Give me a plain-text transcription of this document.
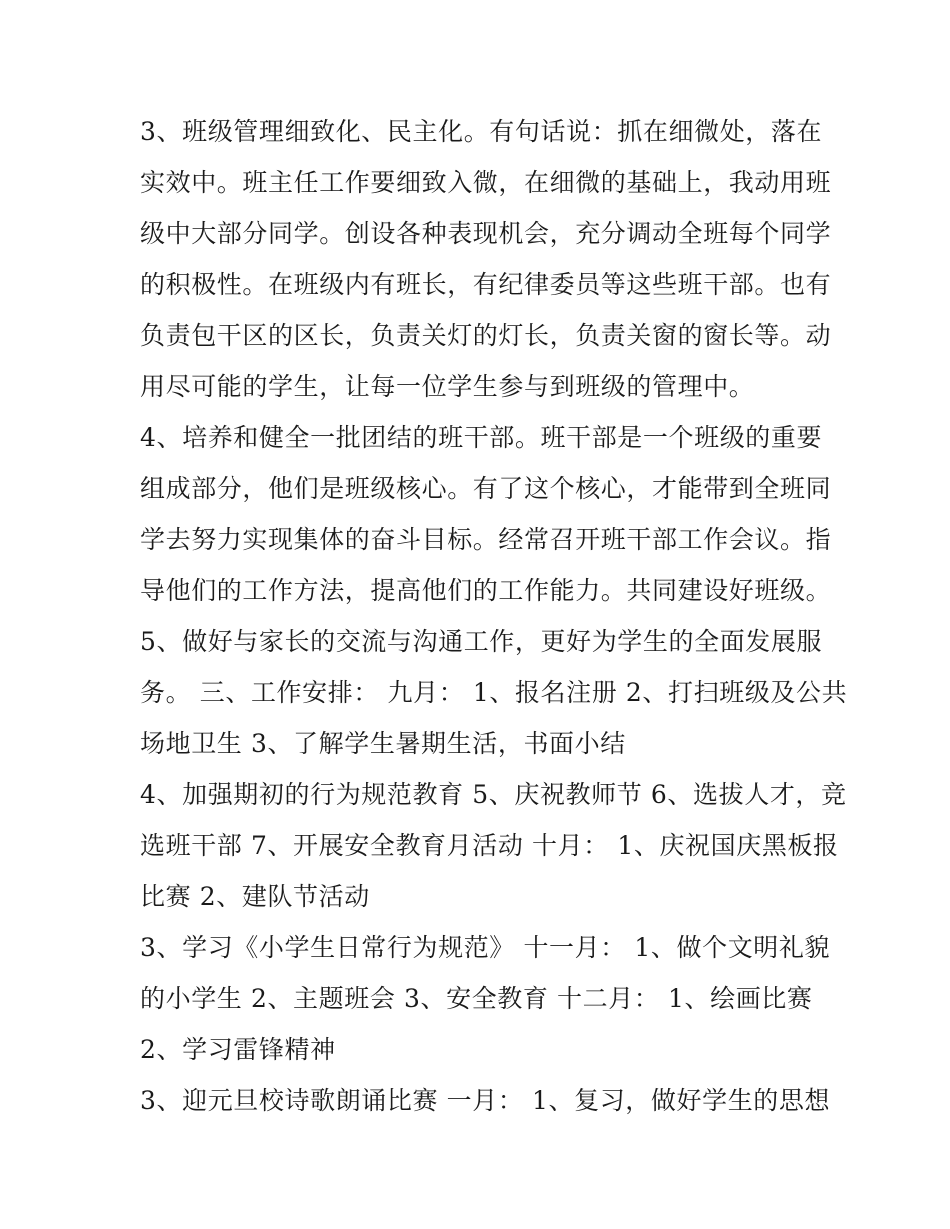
3、班级管理细致化、民主化。有句话说：抓在细微处，落在
实效中。班主任工作要细致入微，在细微的基础上，我动用班
级中大部分同学。创设各种表现机会，充分调动全班每个同学
的积极性。在班级内有班长，有纪律委员等这些班干部。也有
负责包干区的区长，负责关灯的灯长，负责关窗的窗长等。动
用尽可能的学生，让每一位学生参与到班级的管理中。
4、培养和健全一批团结的班干部。班干部是一个班级的重要
组成部分，他们是班级核心。有了这个核心，才能带到全班同
学去努力实现集体的奋斗目标。经常召开班干部工作会议。指
导他们的工作方法，提高他们的工作能力。共同建设好班级。
5、做好与家长的交流与沟通工作，更好为学生的全面发展服
务。 三、工作安排： 九月： 1、报名注册 2、打扫班级及公共
场地卫生 3、了解学生暑期生活，书面小结
4、加强期初的行为规范教育 5、庆祝教师节 6、选拔人才，竞
选班干部 7、开展安全教育月活动 十月： 1、庆祝国庆黑板报
比赛 2、建队节活动
3、学习《小学生日常行为规范》 十一月： 1、做个文明礼貌
的小学生 2、主题班会 3、安全教育 十二月： 1、绘画比赛
2、学习雷锋精神
3、迎元旦校诗歌朗诵比赛 一月： 1、复习，做好学生的思想
